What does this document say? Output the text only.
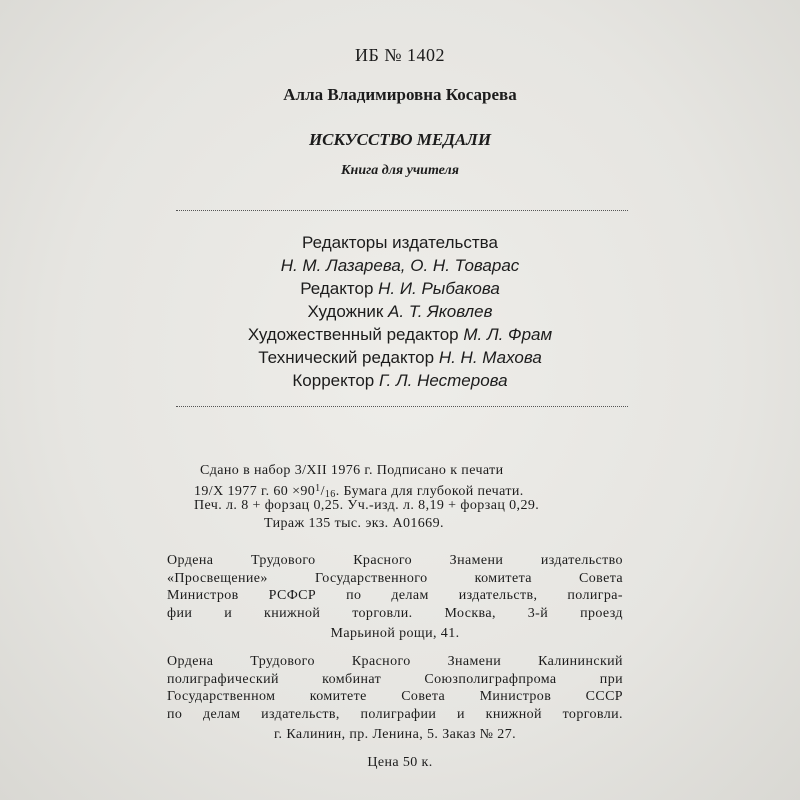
ИБ № 1402
Алла Владимировна Косарева
ИСКУССТВО МЕДАЛИ
Книга для учителя
Редакторы издательства
Н. М. Лазарева, О. Н. Товарас
Редактор Н. И. Рыбакова
Художник А. Т. Яковлев
Художественный редактор М. Л. Фрам
Технический редактор Н. Н. Махова
Корректор Г. Л. Нестерова
Сдано в набор 3/XII 1976 г. Подписано к печати
19/X 1977 г. $60 \times 90^1/_{16}$. Бумага для глубокой печати.
Печ. л. 8 + форзац 0,25. Уч.-изд. л. 8,19 + форзац 0,29.
Тираж 135 тыс. экз. А01669.
Ордена	Трудового	Красного	Знамени	издательство
«Просвещение»	Государственного	комитета	Совета
Министров РСФСР по делам издательств, полигра-
фии и книжной торговли. Москва, 3-й проезд
Марьиной рощи, 41.
Ордена	Трудового	Красного	Знамени	Калининский
полиграфический	комбинат	Союзполиграфпрома	при
Государственном комитете Совета Министров СССР
по делам издательств, полиграфии и книжной торговли.
г. Калинин, пр. Ленина, 5. Заказ № 27.
Цена 50 к.
